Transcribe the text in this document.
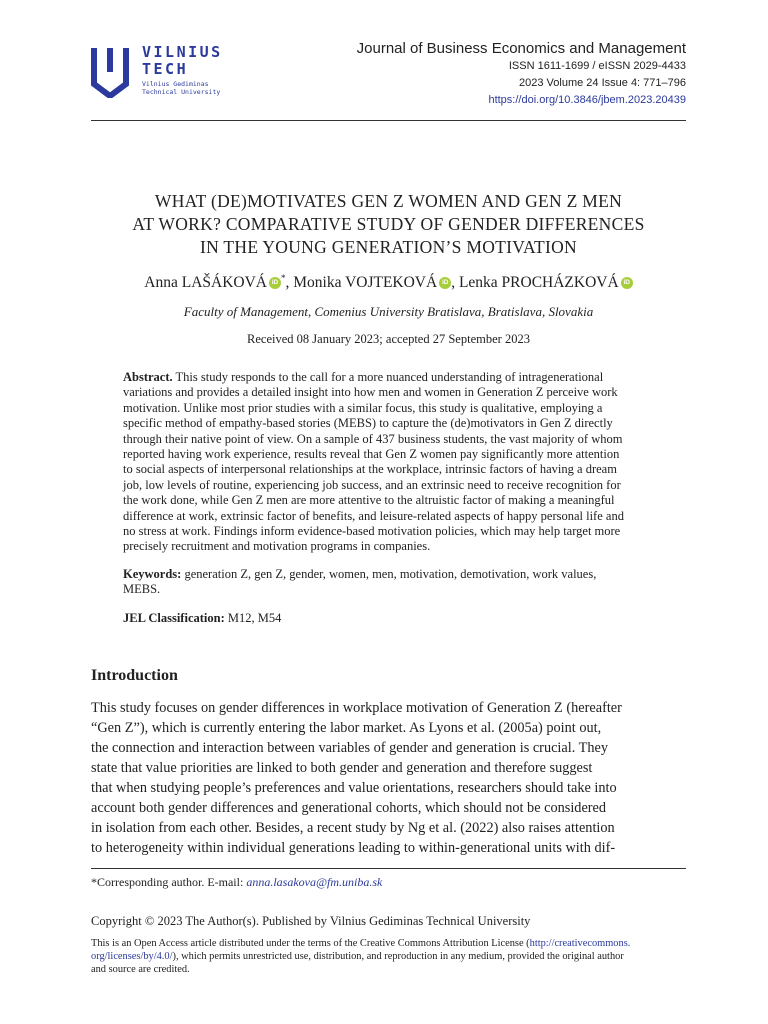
VILNIUS
TECH
Vilnius Gediminas
Technical University
Journal of Business Economics and Management
ISSN 1611-1699 / eISSN 2029-4433
2023 Volume 24 Issue 4: 771–796
https://doi.org/10.3846/jbem.2023.20439
WHAT (DE)MOTIVATES GEN Z WOMEN AND GEN Z MEN
AT WORK? COMPARATIVE STUDY OF GENDER DIFFERENCES
IN THE YOUNG GENERATION’S MOTIVATION
Anna LAŠÁKOVÁ iD *, Monika VOJTEKOVÁ iD , Lenka PROCHÁZKOVÁ iD
Faculty of Management, Comenius University Bratislava, Bratislava, Slovakia
Received 08 January 2023; accepted 27 September 2023
Abstract. This study responds to the call for a more nuanced understanding of intragenerational
variations and provides a detailed insight into how men and women in Generation Z perceive work
motivation. Unlike most prior studies with a similar focus, this study is qualitative, employing a
specific method of empathy-based stories (MEBS) to capture the (de)motivators in Gen Z directly
through their native point of view. On a sample of 437 business students, the vast majority of whom
reported having work experience, results reveal that Gen Z women pay significantly more attention
to social aspects of interpersonal relationships at the workplace, intrinsic factors of having a dream
job, low levels of routine, experiencing job success, and an extrinsic need to receive recognition for
the work done, while Gen Z men are more attentive to the altruistic factor of making a meaningful
difference at work, extrinsic factor of benefits, and leisure-related aspects of happy personal life and
no stress at work. Findings inform evidence-based motivation policies, which may help target more
precisely recruitment and motivation programs in companies.
Keywords: generation Z, gen Z, gender, women, men, motivation, demotivation, work values,
MEBS.
JEL Classification: M12, M54
Introduction
This study focuses on gender differences in workplace motivation of Generation Z (hereafter
“Gen Z”), which is currently entering the labor market. As Lyons et al. (2005a) point out,
the connection and interaction between variables of gender and generation is crucial. They
state that value priorities are linked to both gender and generation and therefore suggest
that when studying people’s preferences and value orientations, researchers should take into
account both gender differences and generational cohorts, which should not be considered
in isolation from each other. Besides, a recent study by Ng et al. (2022) also raises attention
to heterogeneity within individual generations leading to within-generational units with dif-
*Corresponding author. E-mail: anna.lasakova@fm.uniba.sk
Copyright © 2023 The Author(s). Published by Vilnius Gediminas Technical University
This is an Open Access article distributed under the terms of the Creative Commons Attribution License (http://creativecommons.
org/licenses/by/4.0/), which permits unrestricted use, distribution, and reproduction in any medium, provided the original author
and source are credited.
